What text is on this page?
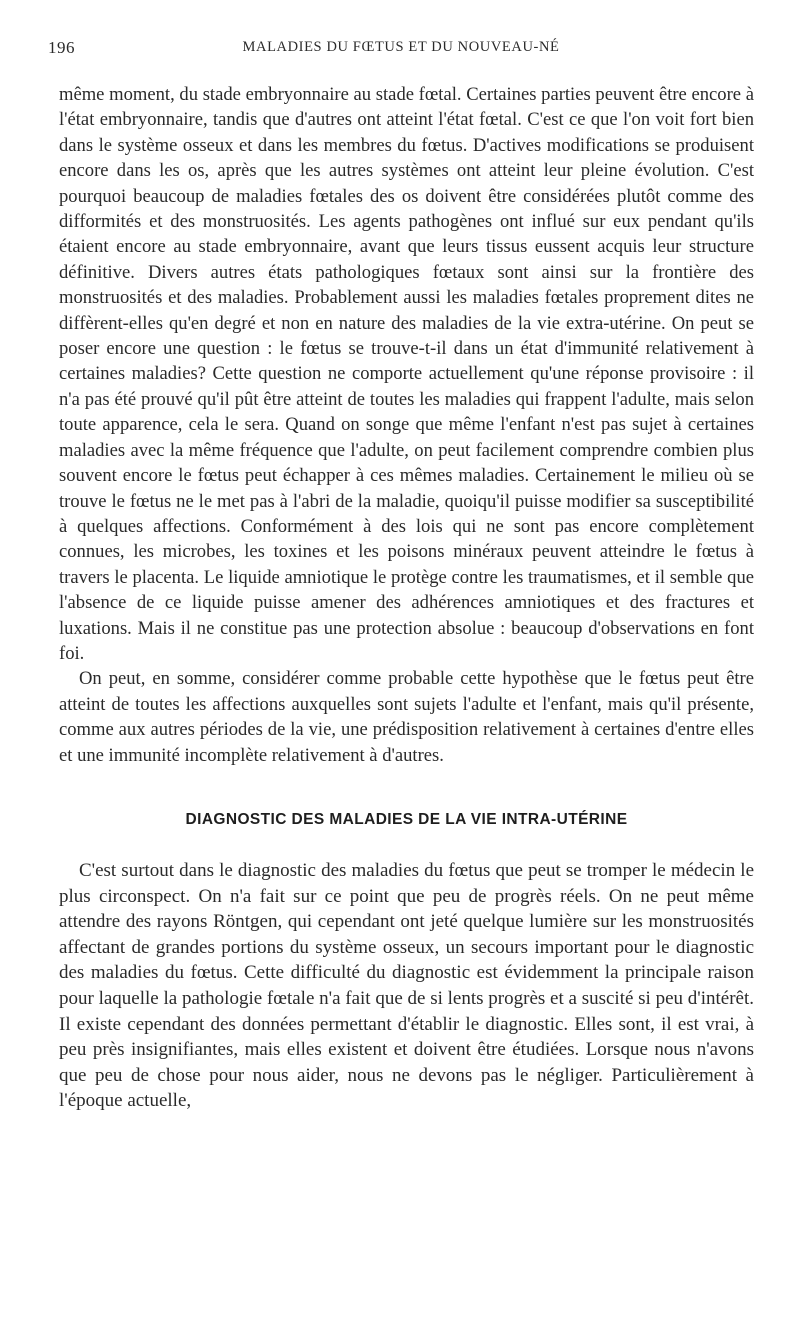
196	MALADIES DU FŒTUS ET DU NOUVEAU-NÉ

même moment, du stade embryonnaire au stade fœtal. Certaines parties peuvent être encore à l'état embryonnaire, tandis que d'autres ont atteint l'état fœtal. C'est ce que l'on voit fort bien dans le système osseux et dans les membres du fœtus. D'actives modifications se produisent encore dans les os, après que les autres systèmes ont atteint leur pleine évolution. C'est pourquoi beaucoup de maladies fœtales des os doivent être considérées plutôt comme des difformités et des monstruosités. Les agents pathogènes ont influé sur eux pendant qu'ils étaient encore au stade embryonnaire, avant que leurs tissus eussent acquis leur structure définitive. Divers autres états pathologiques fœtaux sont ainsi sur la frontière des monstruosités et des maladies. Probablement aussi les maladies fœtales proprement dites ne diffèrent-elles qu'en degré et non en nature des maladies de la vie extra-utérine. On peut se poser encore une question : le fœtus se trouve-t-il dans un état d'immunité relativement à certaines maladies? Cette question ne comporte actuellement qu'une réponse provisoire : il n'a pas été prouvé qu'il pût être atteint de toutes les maladies qui frappent l'adulte, mais selon toute apparence, cela le sera. Quand on songe que même l'enfant n'est pas sujet à certaines maladies avec la même fréquence que l'adulte, on peut facilement comprendre combien plus souvent encore le fœtus peut échapper à ces mêmes maladies. Certainement le milieu où se trouve le fœtus ne le met pas à l'abri de la maladie, quoiqu'il puisse modifier sa susceptibilité à quelques affections. Conformément à des lois qui ne sont pas encore complètement connues, les microbes, les toxines et les poisons minéraux peuvent atteindre le fœtus à travers le placenta. Le liquide amniotique le protège contre les traumatismes, et il semble que l'absence de ce liquide puisse amener des adhérences amniotiques et des fractures et luxations. Mais il ne constitue pas une protection absolue : beaucoup d'observations en font foi.

On peut, en somme, considérer comme probable cette hypothèse que le fœtus peut être atteint de toutes les affections auxquelles sont sujets l'adulte et l'enfant, mais qu'il présente, comme aux autres périodes de la vie, une prédisposition relativement à certaines d'entre elles et une immunité incomplète relativement à d'autres.

DIAGNOSTIC DES MALADIES DE LA VIE INTRA-UTÉRINE

C'est surtout dans le diagnostic des maladies du fœtus que peut se tromper le médecin le plus circonspect. On n'a fait sur ce point que peu de progrès réels. On ne peut même attendre des rayons Röntgen, qui cependant ont jeté quelque lumière sur les monstruosités affectant de grandes portions du système osseux, un secours important pour le diagnostic des maladies du fœtus. Cette difficulté du diagnostic est évidemment la principale raison pour laquelle la pathologie fœtale n'a fait que de si lents progrès et a suscité si peu d'intérêt. Il existe cependant des données permettant d'établir le diagnostic. Elles sont, il est vrai, à peu près insignifiantes, mais elles existent et doivent être étudiées. Lorsque nous n'avons que peu de chose pour nous aider, nous ne devons pas le négliger. Particulièrement à l'époque actuelle,
